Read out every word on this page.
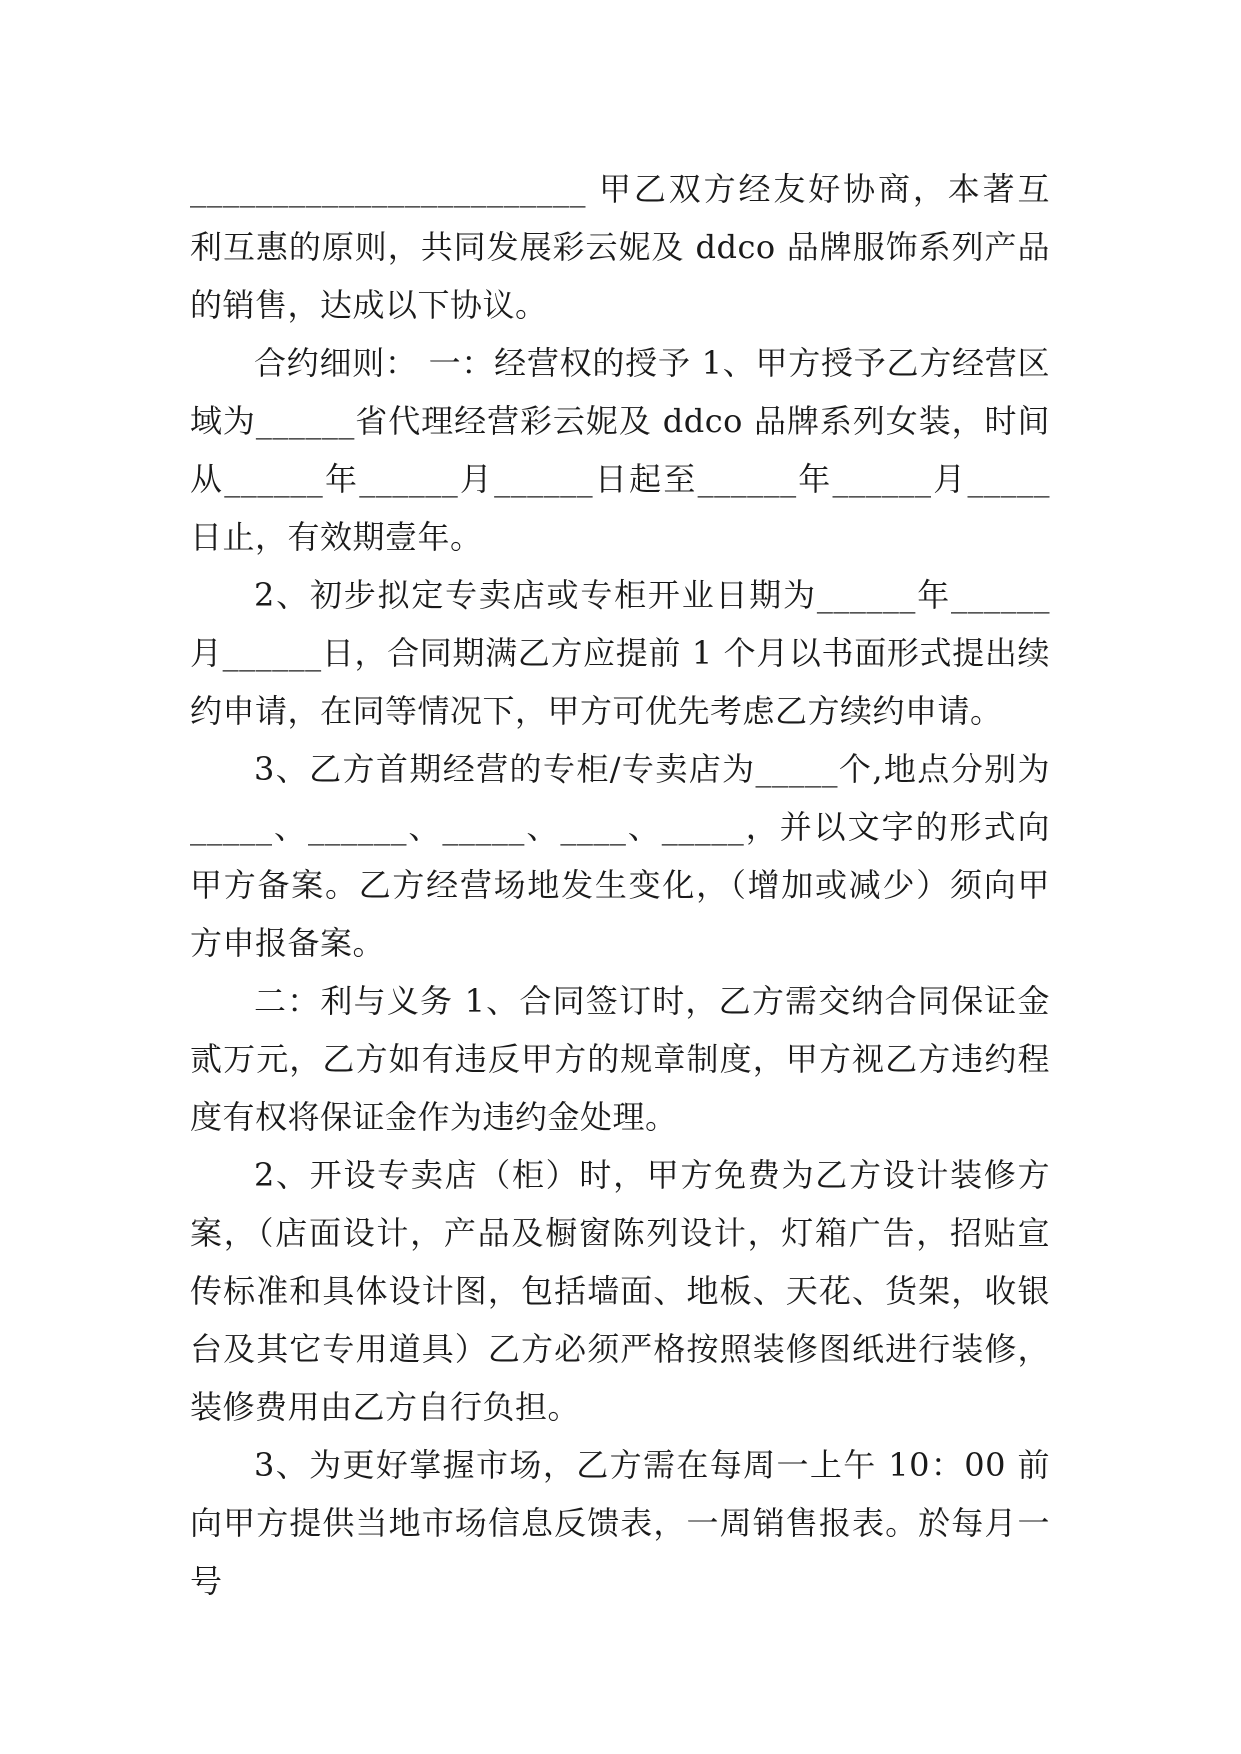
________________________ 甲乙双方经友好协商，本著互利互惠的原则，共同发展彩云妮及 ddco 品牌服饰系列产品的销售，达成以下协议。

合约细则： 一：经营权的授予 1、甲方授予乙方经营区域为______省代理经营彩云妮及 ddco 品牌系列女装，时间从______年______月______日起至______年______月_____日止，有效期壹年。

2、初步拟定专卖店或专柜开业日期为______年______月______日，合同期满乙方应提前 1 个月以书面形式提出续约申请，在同等情况下，甲方可优先考虑乙方续约申请。

3、乙方首期经营的专柜/专卖店为_____个,地点分别为_____、______、_____、____、_____，并以文字的形式向甲方备案。乙方经营场地发生变化，（增加或减少）须向甲方申报备案。

二：利与义务 1、合同签订时，乙方需交纳合同保证金贰万元，乙方如有违反甲方的规章制度，甲方视乙方违约程度有权将保证金作为违约金处理。

2、开设专卖店（柜）时，甲方免费为乙方设计装修方案，（店面设计，产品及橱窗陈列设计，灯箱广告，招贴宣传标准和具体设计图，包括墙面、地板、天花、货架，收银台及其它专用道具）乙方必须严格按照装修图纸进行装修，装修费用由乙方自行负担。

3、为更好掌握市场，乙方需在每周一上午 10：00 前向甲方提供当地市场信息反馈表，一周销售报表。於每月一号
